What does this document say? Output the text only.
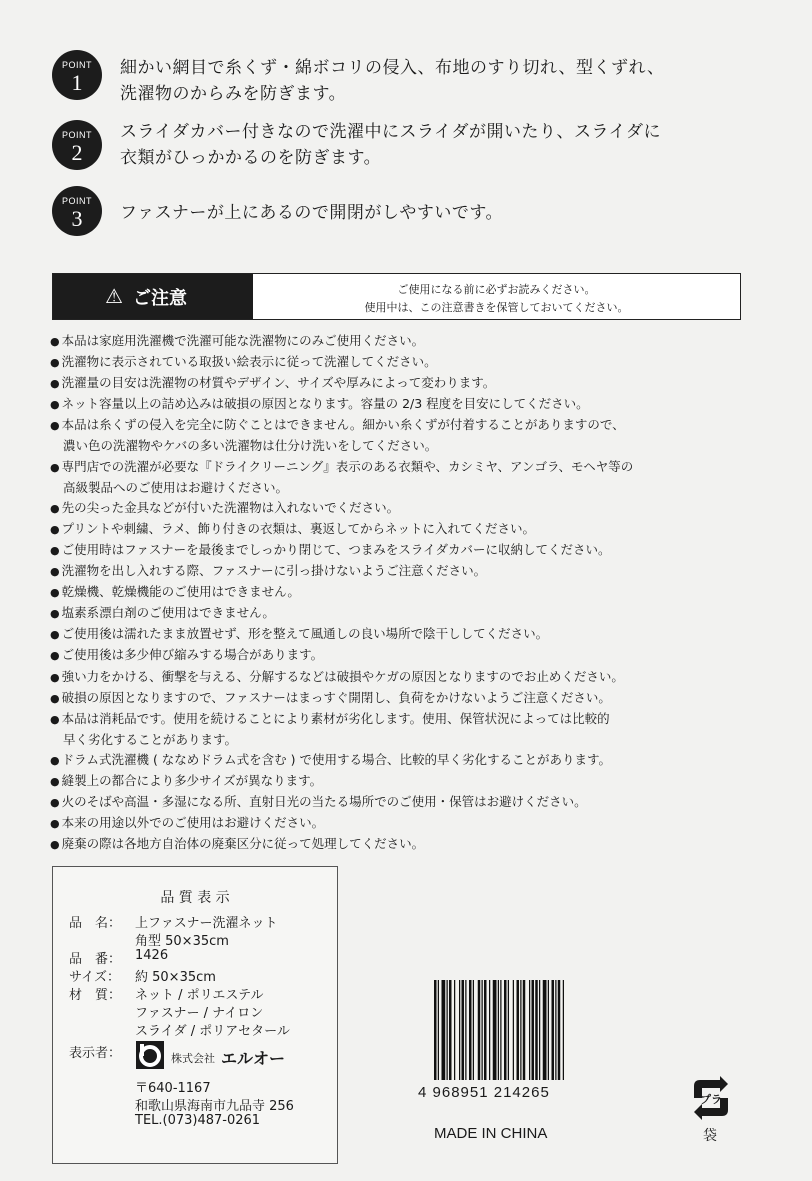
POINT
1
細かい網目で糸くず・綿ボコリの侵入、布地のすり切れ、型くずれ、
洗濯物のからみを防ぎます。
POINT
2
スライダカバー付きなので洗濯中にスライダが開いたり、スライダに
衣類がひっかかるのを防ぎます。
POINT
3	ファスナーが上にあるので開閉がしやすいです。
⚠ ご注意	ご使用になる前に必ずお読みください。
使用中は、この注意書きを保管しておいてください。
● 本品は家庭用洗濯機で洗濯可能な洗濯物にのみご使用ください。
● 洗濯物に表示されている取扱い絵表示に従って洗濯してください。
● 洗濯量の目安は洗濯物の材質やデザイン、サイズや厚みによって変わります。
● ネット容量以上の詰め込みは破損の原因となります。容量の 2/3 程度を目安にしてください。
● 本品は糸くずの侵入を完全に防ぐことはできません。細かい糸くずが付着することがありますので、
濃い色の洗濯物やケバの多い洗濯物は仕分け洗いをしてください。
● 専門店での洗濯が必要な『ドライクリーニング』表示のある衣類や、カシミヤ、アンゴラ、モヘヤ等の
高級製品へのご使用はお避けください。
● 先の尖った金具などが付いた洗濯物は入れないでください。
● プリントや刺繍、ラメ、飾り付きの衣類は、裏返してからネットに入れてください。
● ご使用時はファスナーを最後までしっかり閉じて、つまみをスライダカバーに収納してください。
● 洗濯物を出し入れする際、ファスナーに引っ掛けないようご注意ください。
● 乾燥機、乾燥機能のご使用はできません。
● 塩素系漂白剤のご使用はできません。
● ご使用後は濡れたまま放置せず、形を整えて風通しの良い場所で陰干ししてください。
● ご使用後は多少伸び縮みする場合があります。
● 強い力をかける、衝撃を与える、分解するなどは破損やケガの原因となりますのでお止めください。
● 破損の原因となりますので、ファスナーはまっすぐ開閉し、負荷をかけないようご注意ください。
● 本品は消耗品です。使用を続けることにより素材が劣化します。使用、保管状況によっては比較的
早く劣化することがあります。
● ドラム式洗濯機 ( ななめドラム式を含む ) で使用する場合、比較的早く劣化することがあります。
● 縫製上の都合により多少サイズが異なります。
● 火のそばや高温・多湿になる所、直射日光の当たる場所でのご使用・保管はお避けください。
● 本来の用途以外でのご使用はお避けください。
● 廃棄の際は各地方自治体の廃棄区分に従って処理してください。
品 質 表 示
品　名： 上ファスナー洗濯ネット
角型 50×35cm
品　番： 1426
サイズ： 約 50×35cm
材　質： ネット / ポリエステル
ファスナー / ナイロン
スライダ / ポリアセタール
表示者：	株式会社 エルオー
〒640-1167
和歌山県海南市九品寺 256
TEL.(073)487-0261
4 968951 214265
MADE IN CHINA
プラ
袋
